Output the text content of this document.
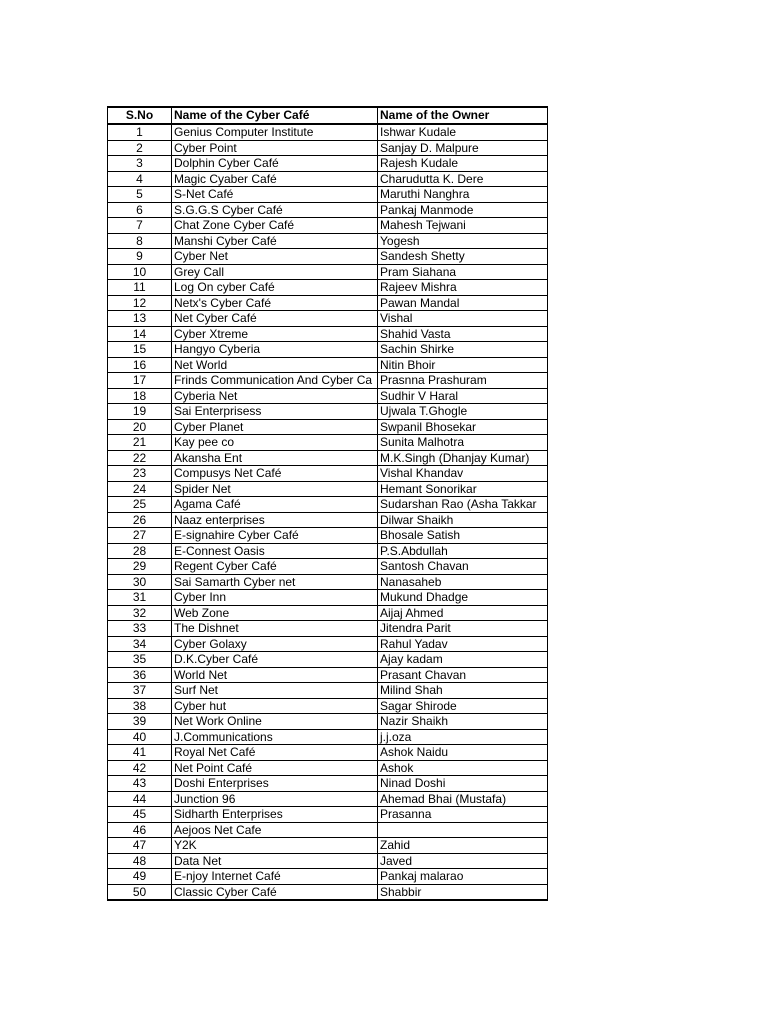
S.No	Name of the Cyber Café	Name of the Owner
1	Genius Computer Institute	Ishwar Kudale
2	Cyber Point	Sanjay D. Malpure
3	Dolphin Cyber Café	Rajesh Kudale
4	Magic Cyaber Café	Charudutta K. Dere
5	S-Net Café	Maruthi Nanghra
6	S.G.G.S Cyber Café	Pankaj Manmode
7	Chat Zone Cyber Café	Mahesh Tejwani
8	Manshi Cyber Café	Yogesh
9	Cyber Net	Sandesh Shetty
10	Grey Call	Pram Siahana
11	Log On cyber Café	Rajeev Mishra
12	Netx's Cyber Café	Pawan Mandal
13	Net Cyber Café	Vishal
14	Cyber Xtreme	Shahid Vasta
15	Hangyo Cyberia	Sachin Shirke
16	Net World	Nitin Bhoir
17	Frinds Communication And Cyber Ca	Prasnna Prashuram
18	Cyberia Net	Sudhir V Haral
19	Sai Enterprisess	Ujwala T.Ghogle
20	Cyber Planet	Swpanil Bhosekar
21	Kay pee co	Sunita Malhotra
22	Akansha Ent	M.K.Singh (Dhanjay Kumar)
23	Compusys Net Café	Vishal Khandav
24	Spider Net	Hemant Sonorikar
25	Agama Café	Sudarshan Rao (Asha Takkar
26	Naaz enterprises	Dilwar Shaikh
27	E-signahire Cyber Café	Bhosale Satish
28	E-Connest Oasis	P.S.Abdullah
29	Regent Cyber Café	Santosh Chavan
30	Sai Samarth Cyber net	Nanasaheb
31	Cyber Inn	Mukund Dhadge
32	Web Zone	Aijaj Ahmed
33	The Dishnet	Jitendra Parit
34	Cyber Golaxy	Rahul Yadav
35	D.K.Cyber Café	Ajay kadam
36	World Net	Prasant Chavan
37	Surf Net	Milind Shah
38	Cyber hut	Sagar Shirode
39	Net Work Online	Nazir Shaikh
40	J.Communications	j.j.oza
41	Royal Net Café	Ashok Naidu
42	Net Point Café	Ashok
43	Doshi Enterprises	Ninad Doshi
44	Junction 96	Ahemad Bhai (Mustafa)
45	Sidharth Enterprises	Prasanna
46	Aejoos Net Cafe	
47	Y2K	Zahid
48	Data Net	Javed
49	E-njoy Internet Café	Pankaj malarao
50	Classic Cyber Café	Shabbir
